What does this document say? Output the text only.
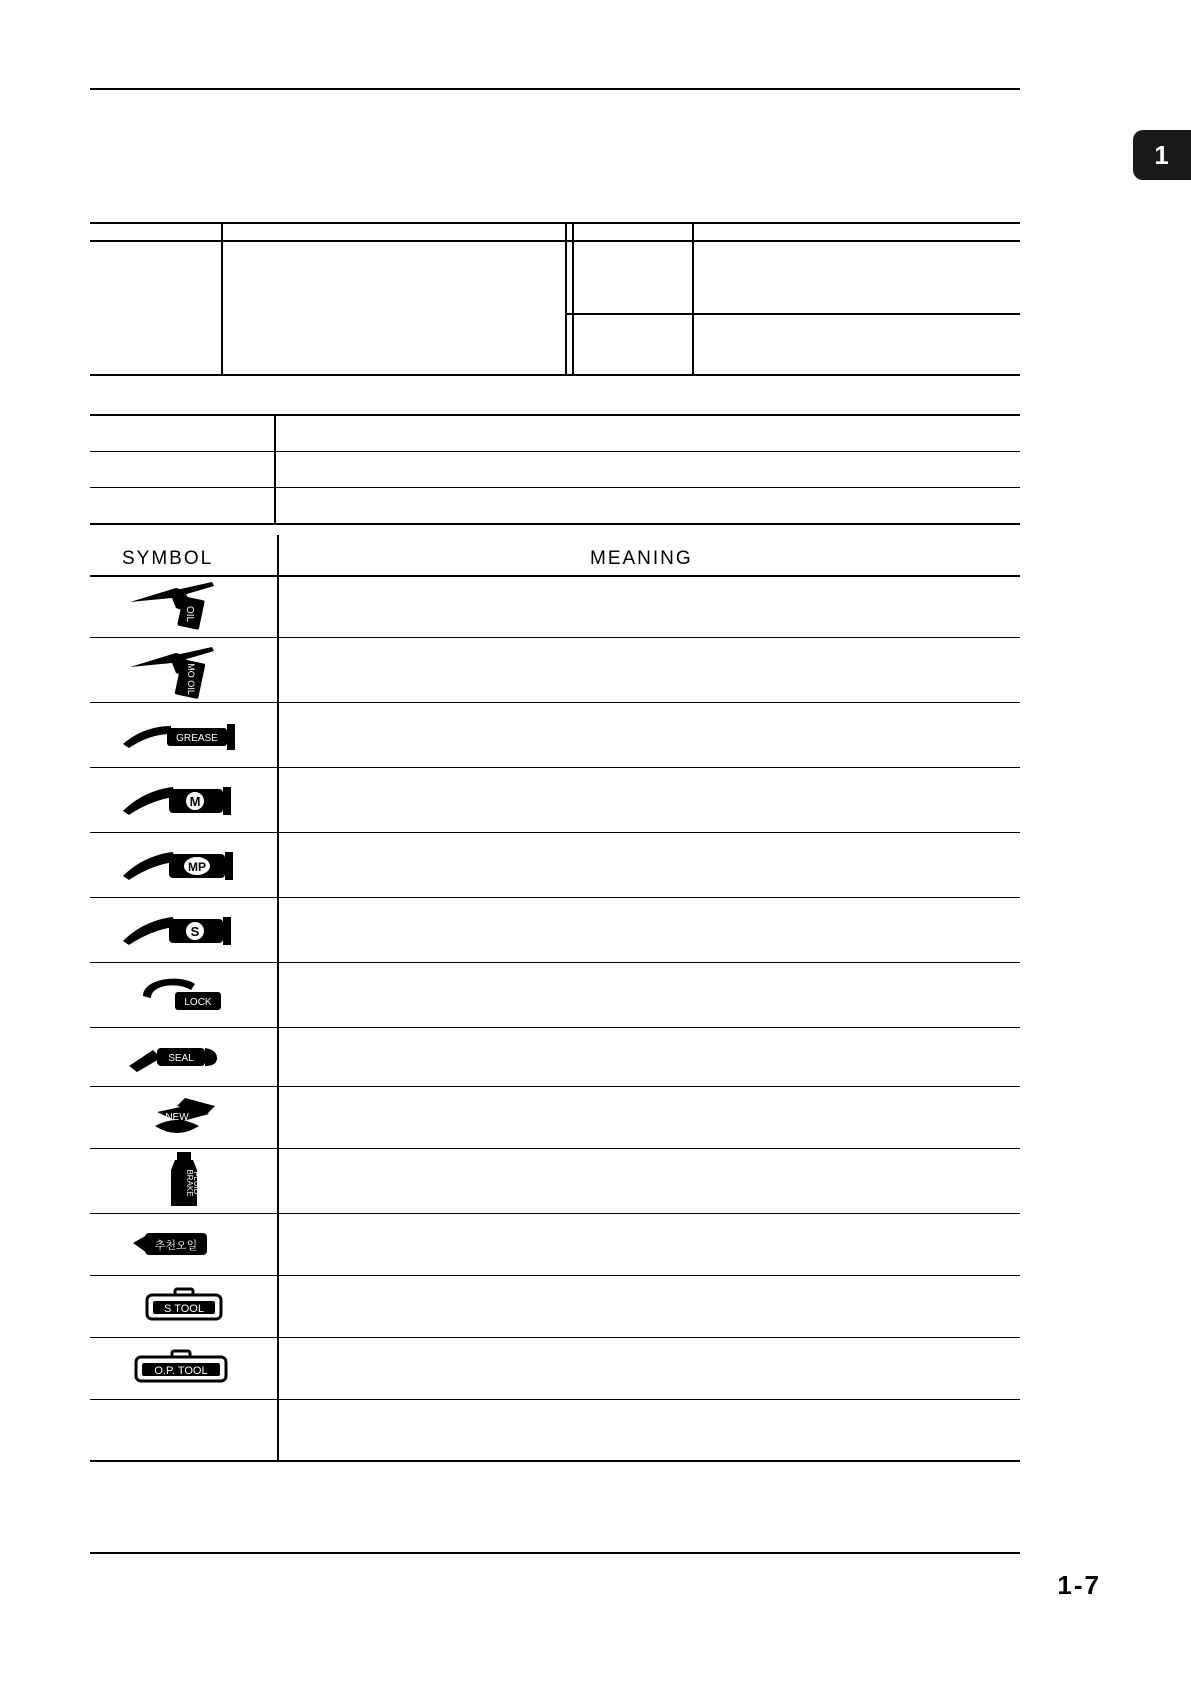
1
1-7
SYMBOL	MEANING
OIL
MO OIL
GREASE
M
MP
S
LOCK
SEAL
NEW
BRAKE
FLUID
추천오일
S TOOL
O.P. TOOL
